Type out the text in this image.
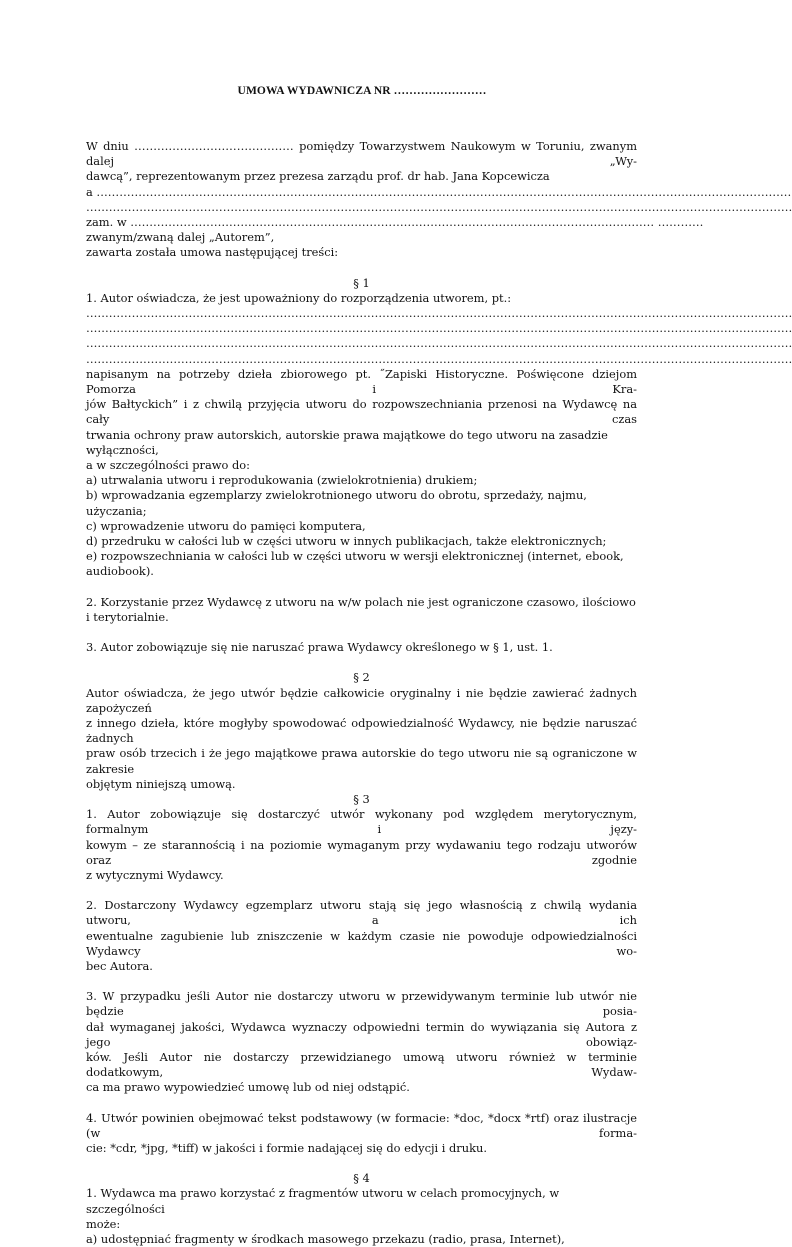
UMOWA WYDAWNICZA NR ……………………

W dniu …………………………………… pomiędzy Towarzystwem Naukowym w Toruniu, zwanym dalej „Wy-

dawcą”, reprezentowanym przez prezesa zarządu prof. dr hab. Jana Kopcewicza

a …………………………………………………………………………………………………………………………………………………………………

……………………………………………………………………………………………………………………………………………………………………

zam. w ………………………………………………………………………………………………………………………… …………

zwanym/zwaną dalej „Autorem”,

zawarta została umowa następującej treści:

§ 1

1. Autor oświadcza, że jest upoważniony do rozporządzenia utworem, pt.:

……………………………………………………………………………………………………………………………………………………………………

……………………………………………………………………………………………………………………………………………………………………

……………………………………………………………………………………………………………………………………………………………………

……………………………………………………………………………………………………………………………………………………………………

napisanym na potrzeby dzieła zbiorowego pt. ˝Zapiski Historyczne. Poświęcone dziejom Pomorza i Kra-

jów Bałtyckich” i z chwilą przyjęcia utworu do rozpowszechniania przenosi na Wydawcę na cały czas

trwania ochrony praw autorskich, autorskie prawa majątkowe do tego utworu na zasadzie wyłączności,

a w szczególności prawo do:

a) utrwalania utworu i reprodukowania (zwielokrotnienia) drukiem;

b) wprowadzania egzemplarzy zwielokrotnionego utworu do obrotu, sprzedaży, najmu, użyczania;

c) wprowadzenie utworu do pamięci komputera,

d) przedruku w całości lub w części utworu w innych publikacjach, także elektronicznych;

e) rozpowszechniania w całości lub w części utworu w wersji elektronicznej (internet, ebook, audiobook).

2. Korzystanie przez Wydawcę z utworu na w/w polach nie jest ograniczone czasowo, ilościowo

i terytorialnie.

3. Autor zobowiązuje się nie naruszać prawa Wydawcy określonego w § 1, ust. 1.

§ 2

Autor oświadcza, że jego utwór będzie całkowicie oryginalny i nie będzie zawierać żadnych zapożyczeń

z innego dzieła, które mogłyby spowodować odpowiedzialność Wydawcy, nie będzie naruszać żadnych

praw osób trzecich i że jego majątkowe prawa autorskie do tego utworu nie są ograniczone w zakresie

objętym niniejszą umową.

§ 3

1. Autor zobowiązuje się dostarczyć utwór wykonany pod względem merytorycznym, formalnym i języ-

kowym – ze starannością i na poziomie wymaganym przy wydawaniu tego rodzaju utworów oraz zgodnie

z wytycznymi Wydawcy.

2. Dostarczony Wydawcy egzemplarz utworu stają się jego własnością z chwilą wydania utworu, a ich

ewentualne zagubienie lub zniszczenie w każdym czasie nie powoduje odpowiedzialności Wydawcy wo-

bec Autora.

3. W przypadku jeśli Autor nie dostarczy utworu w przewidywanym terminie lub utwór nie będzie posia-

dał wymaganej jakości, Wydawca wyznaczy odpowiedni termin do wywiązania się Autora z jego obowiąz-

ków. Jeśli Autor nie dostarczy przewidzianego umową utworu również w terminie dodatkowym, Wydaw-

ca ma prawo wypowiedzieć umowę lub od niej odstąpić.

4. Utwór powinien obejmować tekst podstawowy (w formacie: *doc, *docx *rtf) oraz ilustracje (w forma-

cie: *cdr, *jpg, *tiff) w jakości i formie nadającej się do edycji i druku.

§ 4

1. Wydawca ma prawo korzystać z fragmentów utworu w celach promocyjnych, w szczególności

może:

a) udostępniać fragmenty w środkach masowego przekazu (radio, prasa, Internet),
